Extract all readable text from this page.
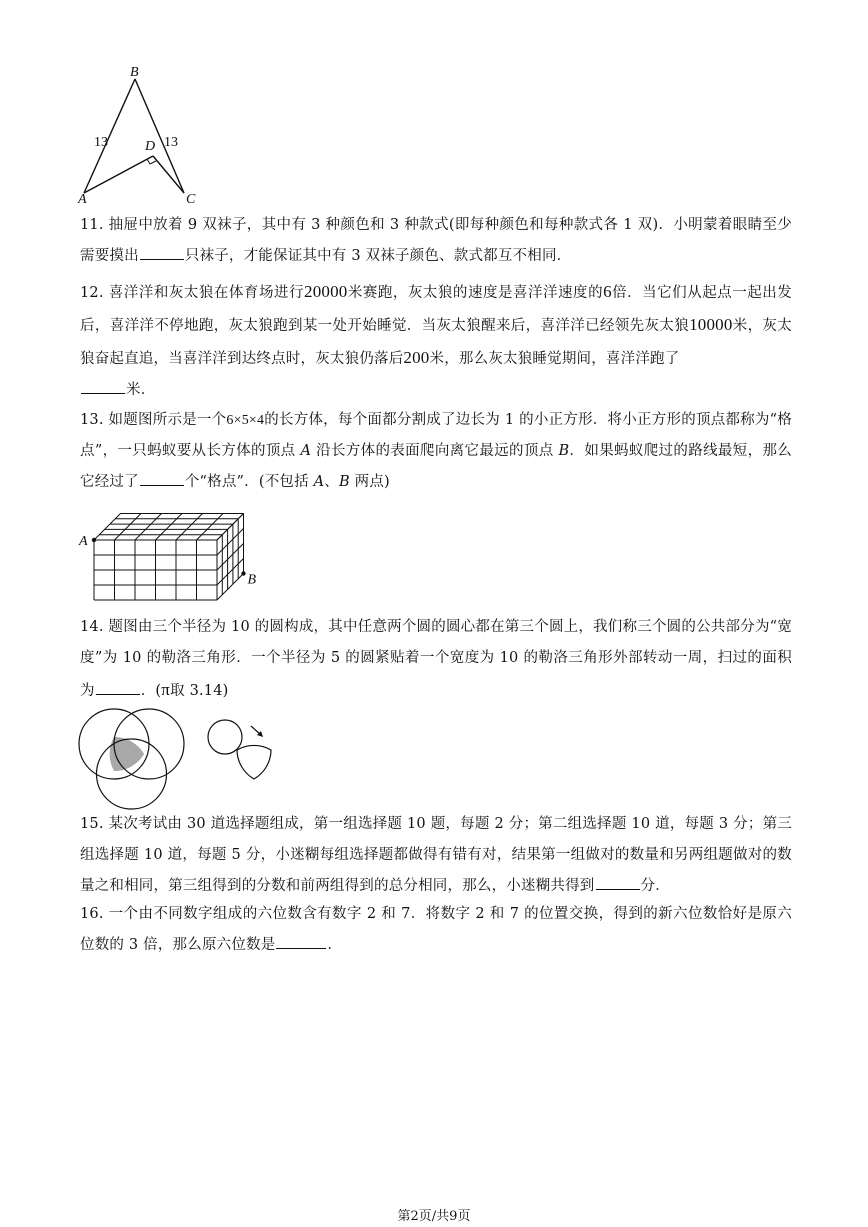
B
D
A	C
13	13
11. 抽屉中放着 9 双袜子，其中有 3 种颜色和 3 种款式(即每种颜色和每种款式各 1 双)．小明蒙着眼睛至少需要摸出	只袜子，才能保证其中有 3 双袜子颜色、款式都互不相同．
12. 喜洋洋和灰太狼在体育场进行20000米赛跑，灰太狼的速度是喜洋洋速度的6倍．当它们从起点一起出发后，喜洋洋不停地跑，灰太狼跑到某一处开始睡觉．当灰太狼醒来后，喜洋洋已经领先灰太狼10000米，灰太狼奋起直追，当喜洋洋到达终点时，灰太狼仍落后200米，那么灰太狼睡觉期间，喜洋洋跑了
米．
13. 如题图所示是一个6×5×4的长方体，每个面都分割成了边长为 1 的小正方形．将小正方形的顶点都称为“格点”，一只蚂蚁要从长方体的顶点 A 沿长方体的表面爬向离它最远的顶点 B．如果蚂蚁爬过的路线最短，那么它经过了	个“格点”．(不包括 A、B 两点)
A
B
14. 题图由三个半径为 10 的圆构成，其中任意两个圆的圆心都在第三个圆上，我们称三个圆的公共部分为“宽度”为 10 的勒洛三角形．一个半径为 5 的圆紧贴着一个宽度为 10 的勒洛三角形外部转动一周，扫过的面积为	．(π取 3.14)
15. 某次考试由 30 道选择题组成，第一组选择题 10 题，每题 2 分；第二组选择题 10 道，每题 3 分；第三组选择题 10 道，每题 5 分，小迷糊每组选择题都做得有错有对，结果第一组做对的数量和另两组题做对的数量之和相同，第三组得到的分数和前两组得到的总分相同，那么，小迷糊共得到	分．
16. 一个由不同数字组成的六位数含有数字 2 和 7．将数字 2 和 7 的位置交换，得到的新六位数恰好是原六位数的 3 倍，那么原六位数是	．
第2页/共9页
